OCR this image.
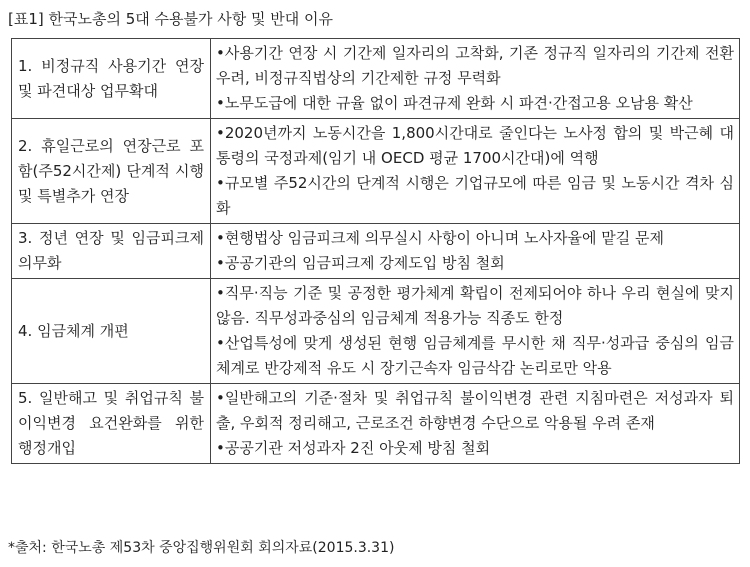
[표1] 한국노총의 5대 수용불가 사항 및 반대 이유
1. 비정규직 사용기간 연장 및 파견대상 업무확대	•사용기간 연장 시 기간제 일자리의 고착화, 기존 정규직 일자리의 기간제 전환 우려, 비정규직법상의 기간제한 규정 무력화
•노무도급에 대한 규율 없이 파견규제 완화 시 파견·간접고용 오남용 확산

2. 휴일근로의 연장근로 포함(주52시간제) 단계적 시행 및 특별추가 연장	•2020년까지 노동시간을 1,800시간대로 줄인다는 노사정 합의 및 박근혜 대통령의 국정과제(임기 내 OECD 평균 1700시간대)에 역행
•규모별 주52시간의 단계적 시행은 기업규모에 따른 임금 및 노동시간 격차 심화

3. 정년 연장 및 임금피크제 의무화	•현행법상 임금피크제 의무실시 사항이 아니며 노사자율에 맡길 문제
•공공기관의 임금피크제 강제도입 방침 철회

4. 임금체계 개편	•직무·직능 기준 및 공정한 평가체계 확립이 전제되어야 하나 우리 현실에 맞지 않음. 직무성과중심의 임금체계 적용가능 직종도 한정
•산업특성에 맞게 생성된 현행 임금체계를 무시한 채 직무·성과급 중심의 임금체계로 반강제적 유도 시 장기근속자 임금삭감 논리로만 악용

5. 일반해고 및 취업규칙 불이익변경 요건완화를 위한 행정개입	•일반해고의 기준·절차 및 취업규칙 불이익변경 관련 지침마련은 저성과자 퇴출, 우회적 정리해고, 근로조건 하향변경 수단으로 악용될 우려 존재
•공공기관 저성과자 2진 아웃제 방침 철회
*출처: 한국노총 제53차 중앙집행위원회 회의자료(2015.3.31)
